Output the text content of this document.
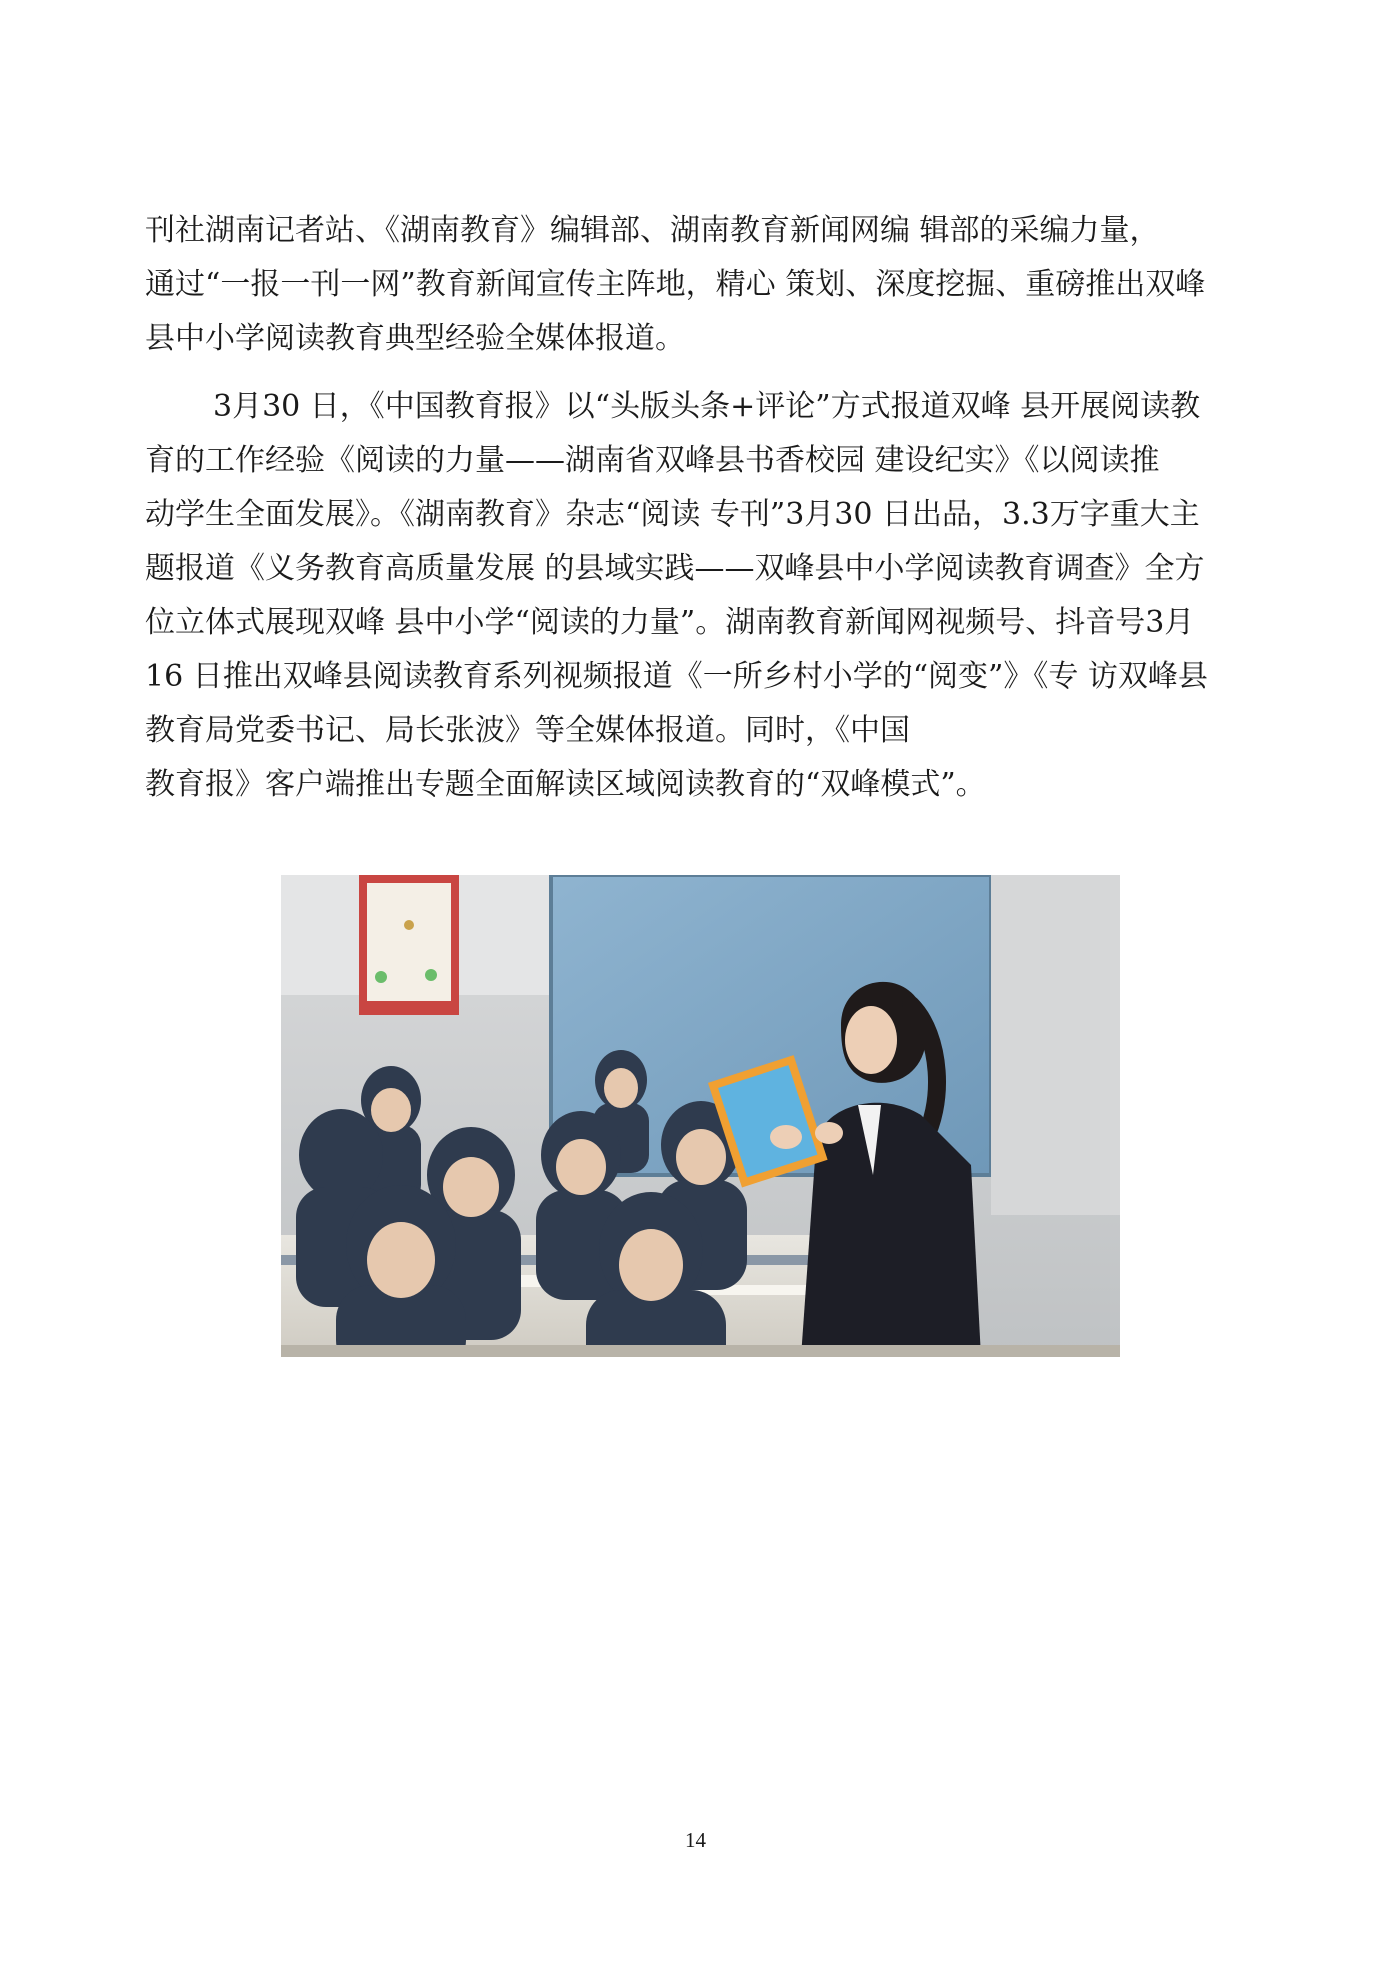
刊社湖南记者站、《湖南教育》编辑部、湖南教育新闻网编 辑部的采编力量，
通过“一报一刊一网”教育新闻宣传主阵地，精心 策划、深度挖掘、重磅推出双峰
县中小学阅读教育典型经验全媒体报道。

3月30 日，《中国教育报》以“头版头条+评论”方式报道双峰 县开展阅读教
育的工作经验《阅读的力量——湖南省双峰县书香校园 建设纪实》《以阅读推
动学生全面发展》。《湖南教育》杂志“阅读 专刊”3月30 日出品，3.3万字重大主
题报道《义务教育高质量发展 的县域实践——双峰县中小学阅读教育调查》全方
位立体式展现双峰 县中小学“阅读的力量”。湖南教育新闻网视频号、抖音号3月
16 日推出双峰县阅读教育系列视频报道《一所乡村小学的“阅变”》《专 访双峰县
教育局党委书记、局长张波》等全媒体报道。同时，《中国
教育报》客户端推出专题全面解读区域阅读教育的“双峰模式”。

14
